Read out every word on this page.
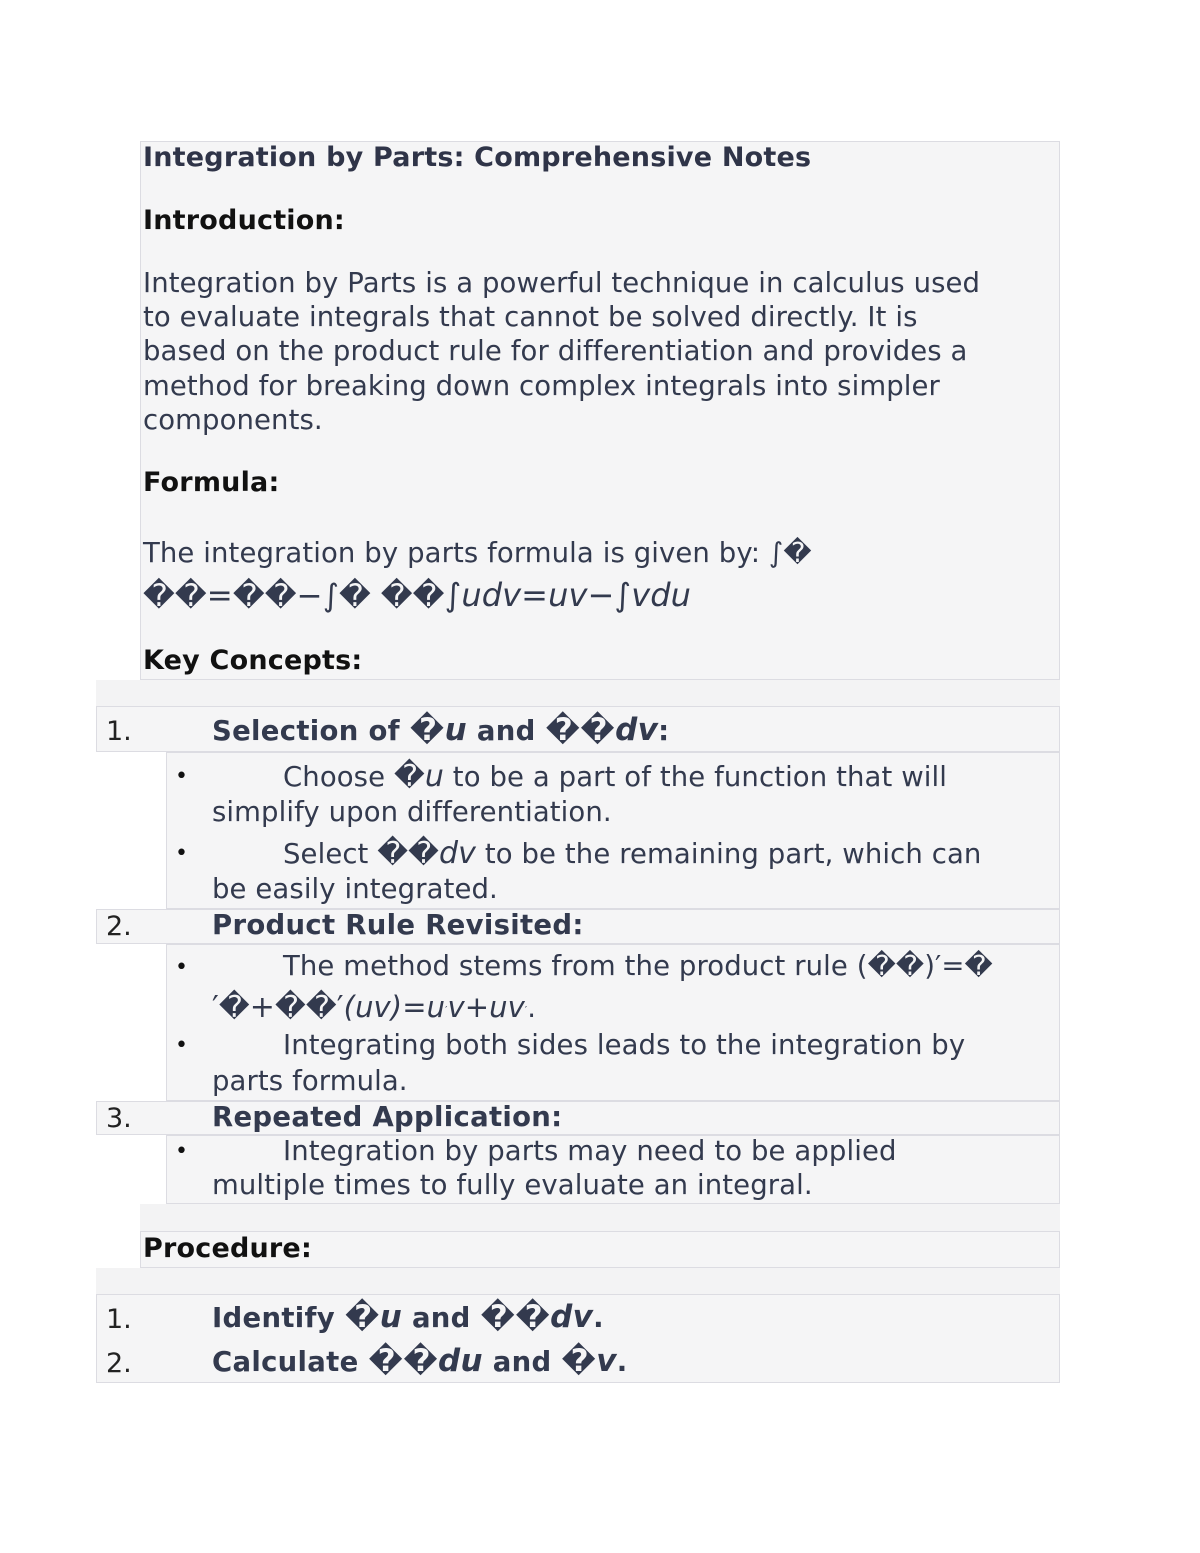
Integration by Parts: Comprehensive Notes
Introduction:
Integration by Parts is a powerful technique in calculus used
to evaluate integrals that cannot be solved directly. It is
based on the product rule for differentiation and provides a
method for breaking down complex integrals into simpler
components.
Formula:
The integration by parts formula is given by: ∫�
��=��−∫� ��∫udv=uv−∫vdu
Key Concepts:
1.	Selection of �u and ��dv:
•	Choose �u to be a part of the function that will
simplify upon differentiation.
•	Select ��dv to be the remaining part, which can
be easily integrated.
2.	Product Rule Revisited:
•	The method stems from the product rule (��)′=�
′�+��′(uv)=u′v+uv′.
•	Integrating both sides leads to the integration by
parts formula.
3.	Repeated Application:
•	Integration by parts may need to be applied
multiple times to fully evaluate an integral.
Procedure:
1.	Identify �u and ��dv.
2.	Calculate ��du and �v.
